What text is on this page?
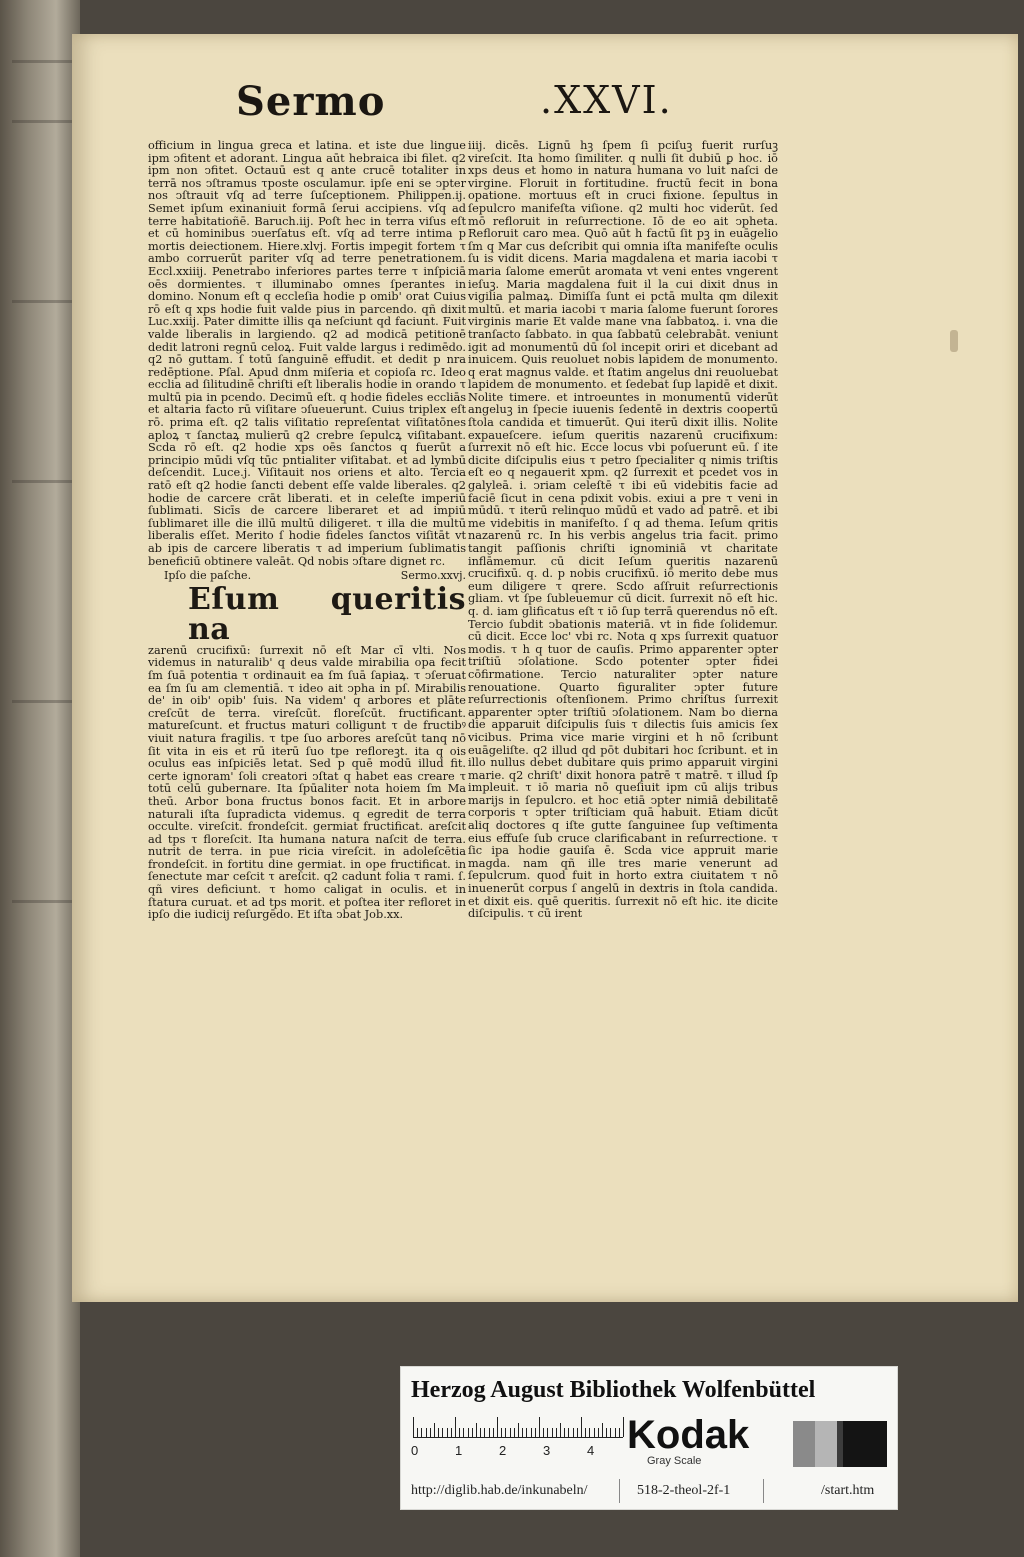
Sermo	.XXVI.

officium in lingua greca et latina. et iste due lingue ipm ↄfitent et adorant. Lingua aūt hebraica ibi filet. q2 ipm non ↄfitet. Octauū est q ante crucē totaliter in terrā nos ↄſtramus τposte osculamur. ipſe eni se ↄpter nos ↄſtrauit vſq ad terre ſuſceptionem. Philippen.ij. Semet ipſum exinaniuit formā ſerui accipiens. vſq ad terre habitatioñē. Baruch.iij. Poſt hec in terra viſus eſt et cū hominibus ↄuerſatus eſt. vſq ad terre intima p mortis deiectionem. Hiere.xlvj. Fortis impegit fortem τ ambo corruerūt pariter vſq ad terre penetrationem. Eccl.xxiiij. Penetrabo inferiores partes terre τ inſpiciā oēs dormientes. τ illuminabo omnes ſperantes in domino. Nonum eſt q eccleſia hodie p omib' orat Cuius rō eſt q xps hodie fuit valde pius in parcendo. qñ dixit Luc.xxiij. Pater dimitte illis qa neſciunt qd faciunt. Fuit valde liberalis in largiendo. q2 ad modicā petitionē dedit latroni regnū celoꝝ. Fuit valde largus i redimēdo. q2 nō guttam. ſ totū ſanguinē effudit. et dedit p nra redēptione. Pſal. Apud dnm miſeria et copioſa rc. Ideo ecclia ad ſilitudinē chriſti eſt liberalis hodie in orando τ multū pia in pcendo. Decimū eſt. q hodie fideles eccliās et altaria facto rū viſitare ↄſueuerunt. Cuius triplex eſt rō. prima eſt. q2 talis viſitatio repreſentat viſitatōnes aploꝝ τ ſanctaꝝ mulierū q2 crebre ſepulcꝝ viſitabant. Scda rō eſt. q2 hodie xps oēs ſanctos q fuerūt a principio mūdi vſq tūc pntialiter viſitabat. et ad lymbū deſcendit. Luce.j. Viſitauit nos oriens et alto. Tercia ratō eſt q2 hodie ſancti debent eſſe valde liberales. q2 hodie de carcere crāt liberati. et in celeſte imperiū ſublimati. Sicīs de carcere liberaret et ad impiū ſublimaret ille die illū multū diligeret. τ illa die multū liberalis eſſet. Merito ſ hodie fideles ſanctos viſitāt vt ab ipis de carcere liberatis τ ad imperium ſublimatis beneficiū obtinere valeāt. Qd nobis ↄſtare dignet rc.

Ipſo die paſche.	Sermo.xxvj.
Eſum queritis na

zarenū crucifixū: ſurrexit nō eſt Mar cī vlti. Nos videmus in naturalib' q deus valde mirabilia opa fecit ſm ſuā potentia τ ordinauit ea ſm ſuā ſapiaꝝ. τ ↄſeruat ea ſm ſu am clementiā. τ ideo ait ↄpha in pſ. Mirabilis de' in oib' opib' ſuis. Na videm' q arbores et plāte creſcūt de terra. vireſcūt. floreſcūt. fructificant. matureſcunt. et fructus maturi colligunt τ de fructibꝰ viuit natura fragilis. τ tpe ſuo arbores areſcūt tanq nō ſit vita in eis et rū iterū ſuo tpe refloreꝫt. ita q ois oculus eas inſpiciēs letat. Sed p quē modū illud fit. certe ignoram' ſoli creatori ↄſtat q habet eas creare τ totū celū gubernare. Ita ſpūaliter nota hoiem ſm Ma theū. Arbor bona fructus bonos facit. Et in arbore naturali iſta ſupradicta videmus. q egredit de terra occulte. vireſcit. frondeſcit. germiat fructificat. areſcit ad tps τ floreſcit. Ita humana natura naſcit de terra. nutrit de terra. in pue ricia vireſcit. in adoleſcētia frondeſcit. in fortitu dine germiat. in ope fructificat. in ſenectute mar ceſcit τ areſcit. q2 cadunt folia τ rami. ſ. qñ vires deficiunt. τ homo caligat in oculis. et in ſtatura curuat. et ad tps morit. et poſtea iter refloret in ipſo die iudicij reſurgēdo. Et iſta ↄbat Job.xx.

iiij. dicēs. Lignū hꝫ ſpem ſi pciſuꝫ fuerit rurſuꝫ vireſcit. Ita homo ſimiliter. q nulli ſit dubiū ꝑ hoc. iō xps deus et homo in natura humana vo luit naſci de virgine. Floruit in fortitudine. fructū fecit in bona opatione. mortuus eſt in cruci fixione. ſepultus in ſepulcro manifeſta viſione. q2 multi hoc viderūt. ſed mō refloruit in reſurrectione. Iō de eo ait ↄpheta. Refloruit caro mea. Quō aūt h factū ſit pꝫ in euāgelio ſm q Mar cus deſcribit qui omnia iſta manifeſte oculis ſu is vidit dicens. Maria magdalena et maria iacobi τ maria ſalome emerūt aromata vt veni entes vngerent ieſuꝫ. Maria magdalena fuit il la cui dixit dnus in vigilia palmaꝝ. Dimiſſa ſunt ei pctā multa qm dilexit multū. et maria iacobi τ maria ſalome fuerunt ſorores virginis marie Et valde mane vna ſabbatoꝝ. i. vna die tranſacto ſabbato. in qua ſabbatū celebrabāt. veniunt igit ad monumentū dū ſol incepit oriri et dicebant ad inuicem. Quis reuoluet nobis lapidem de monumento. q erat magnus valde. et ſtatim angelus dni reuoluebat lapidem de monumento. et ſedebat ſup lapidē et dixit. Nolite timere. et introeuntes in monumentū viderūt angeluꝫ in ſpecie iuuenis ſedentē in dextris coopertū ſtola candida et timuerūt. Qui iterū dixit illis. Nolite expaueſcere. ieſum queritis nazarenū crucifixum: ſurrexit nō eſt hic. Ecce locus vbi poſuerunt eū. ſ ite dicite diſcipulis eius τ petro ſpecialiter q nimis triſtis eſt eo q negauerit xpm. q2 ſurrexit et pcedet vos in galyleā. i. ↄriam celeſtē τ ibi eū videbitis facie ad faciē ſicut in cena pdixit vobis. exiui a pre τ veni in mūdū. τ iterū relinquo mūdū et vado ad patrē. et ibi me videbitis in manifeſto. ſ q ad thema. Ieſum qritis nazarenū rc. In his verbis angelus tria facit. primo tangit paſſionis chriſti ignominiā vt charitate inflāmemur. cū dicit Ieſum queritis nazarenū crucifixū. q. d. p nobis crucifixū. iō merito debe mus eum diligere τ qrere. Scdo aſſruit reſurrectionis gliam. vt ſpe ſubleuemur cū dicit. ſurrexit nō eſt hic. q. d. iam glificatus eſt τ iō ſup terrā querendus nō eſt. Tercio ſubdit ↄbationis materiā. vt in fide ſolidemur. cū dicit. Ecce loc' vbi rc. Nota q xps ſurrexit quatuor modis. τ h q tuor de cauſis. Primo apparenter ↄpter triſtiū ↄſolatione. Scdo potenter ↄpter fidei cōfirmatione. Tercio naturaliter ↄpter nature renouatione. Quarto figuraliter ↄpter future reſurrectionis oſtenſionem. Primo chriſtus ſurrexit apparenter ↄpter triſtiū ↄſolationem. Nam bo dierna die apparuit diſcipulis ſuis τ dilectis ſuis amicis ſex vicibus. Prima vice marie virgini et h nō ſcribunt euāgeliſte. q2 illud qd pōt dubitari hoc ſcribunt. et in illo nullus debet dubitare quis primo apparuit virgini marie. q2 chriſt' dixit honora patrē τ matrē. τ illud ſp impleuit. τ iō maria nō queſiuit ipm cū alijs tribus marijs in ſepulcro. et hoc etiā ↄpter nimiā debilitatē corporis τ ↄpter triſticiam quā habuit. Etiam dicūt aliq doctores q iſte gutte ſanguinee ſup veſtimenta eius effuſe ſub cruce clarificabant in reſurrectione. τ ſic ipa hodie gauiſa ē. Scda vice appruit marie magda. nam qñ ille tres marie venerunt ad ſepulcrum. quod fuit in horto extra ciuitatem τ nō inuenerūt corpus ſ angelū in dextris in ſtola candida. et dixit eis. quē queritis. ſurrexit nō eſt hic. ite dicite diſcipulis. τ cū irent

Herzog August Bibliothek Wolfenbüttel
Kodak
Gray Scale
http://diglib.hab.de/inkunabeln/	518-2-theol-2f-1	/start.htm
0	1	2	3	4
